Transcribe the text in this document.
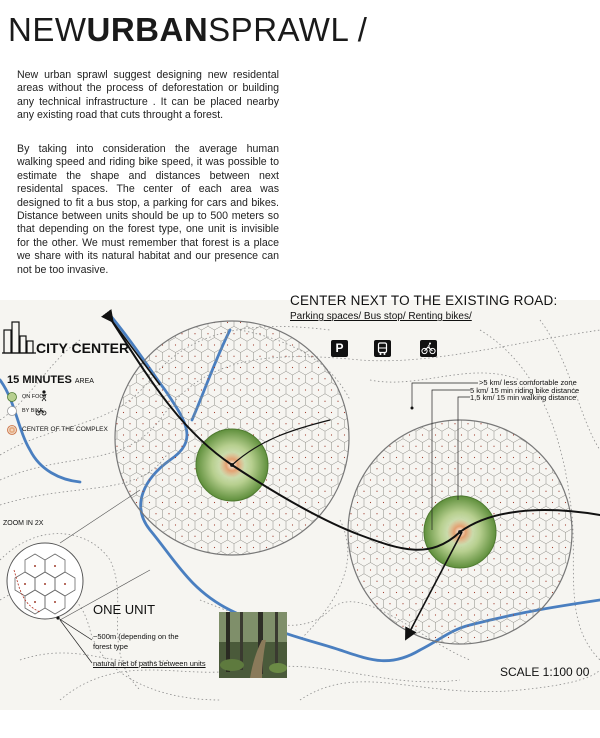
NEWURBANSPRAWL /

New urban sprawl suggest designing new residental areas without the process of deforestation or building any technical infrastructure . It can be placed nearby any existing road that cuts throught a forest.

By taking into consideration the average human walking speed and riding bike speed, it was possible to estimate the shape and distances between next residental spaces. The center of each area was designed to fit a bus stop, a parking for cars and bikes. Distance between units should be up to 500 meters so that depending on the forest type, one unit is invisible for the other. We must remember that forest is a place we share with its natural habitat and our presence can not be too invasive.

P
CENTER NEXT TO THE EXISTING ROAD:
Parking spaces/ Bus stop/ Renting bikes/
CITY CENTER
15 MINUTES AREA
ON FOOT
BY BIKE
CENTER OF THE COMPLEX
>5 km/ less comfortable zone
5 km/ 15 min riding bike distance
1,5 km/ 15 min walking distance
ZOOM IN 2X
ONE UNIT
~500m (depending on the
forest type
natural net of paths between units
SCALE 1:100 00
